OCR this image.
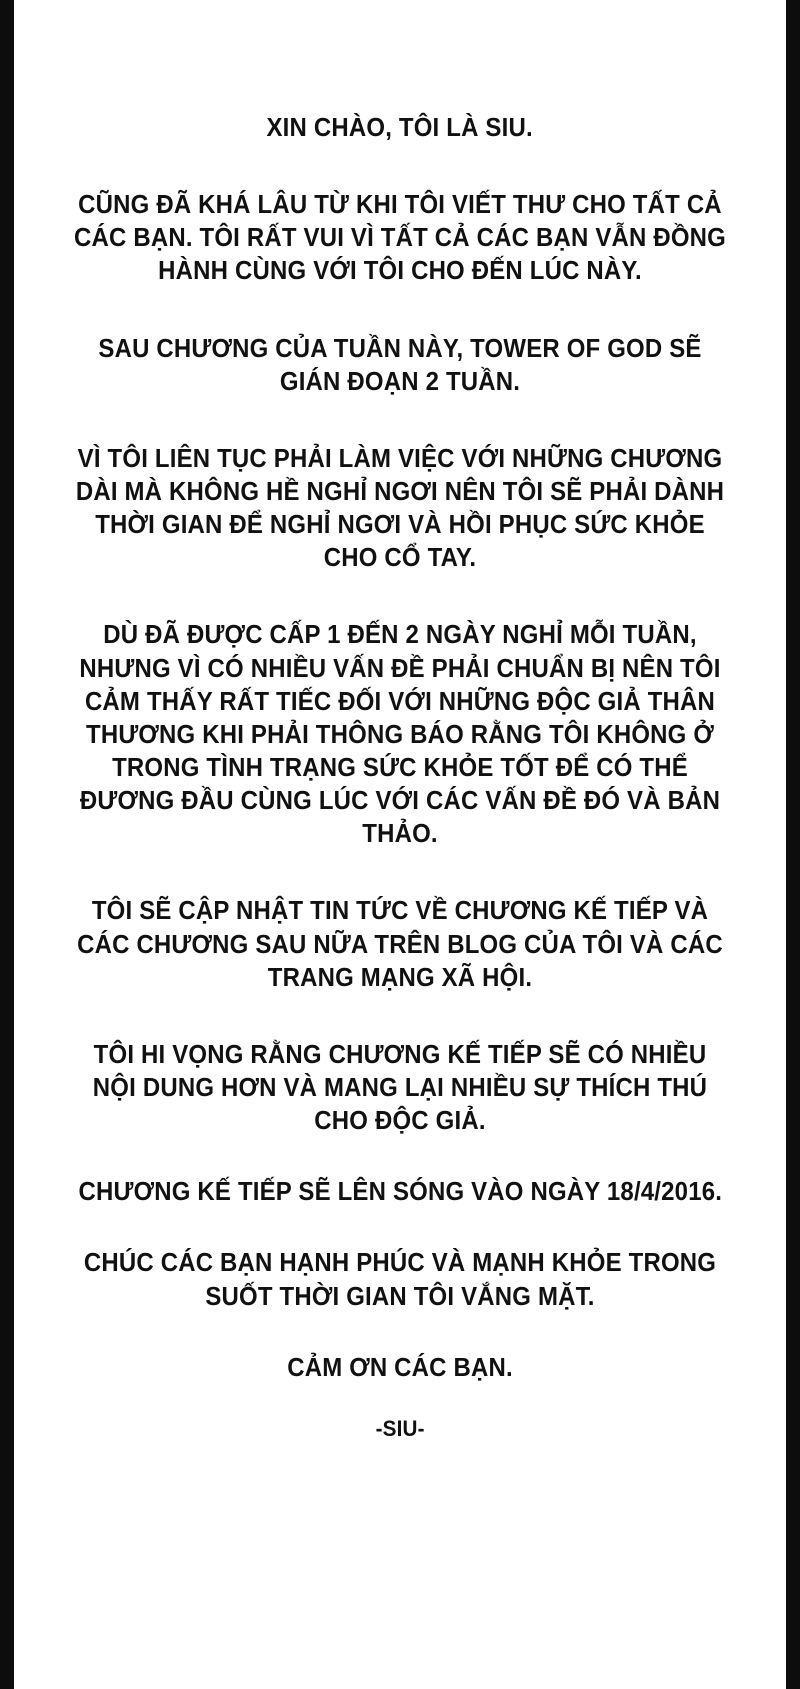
XIN CHÀO, TÔI LÀ SIU.

CŨNG ĐÃ KHÁ LÂU TỪ KHI TÔI VIẾT THƯ CHO TẤT CẢ CÁC BẠN. TÔI RẤT VUI VÌ TẤT CẢ CÁC BẠN VẪN ĐỒNG HÀNH CÙNG VỚI TÔI CHO ĐẾN LÚC NÀY.

SAU CHƯƠNG CỦA TUẦN NÀY, TOWER OF GOD SẼ GIÁN ĐOẠN 2 TUẦN.

VÌ TÔI LIÊN TỤC PHẢI LÀM VIỆC VỚI NHỮNG CHƯƠNG DÀI MÀ KHÔNG HỀ NGHỈ NGƠI NÊN TÔI SẼ PHẢI DÀNH THỜI GIAN ĐỂ NGHỈ NGƠI VÀ HỒI PHỤC SỨC KHỎE CHO CỔ TAY.

DÙ ĐÃ ĐƯỢC CẤP 1 ĐẾN 2 NGÀY NGHỈ MỖI TUẦN, NHƯNG VÌ CÓ NHIỀU VẤN ĐỀ PHẢI CHUẨN BỊ NÊN TÔI CẢM THẤY RẤT TIẾC ĐỐI VỚI NHỮNG ĐỘC GIẢ THÂN THƯƠNG KHI PHẢI THÔNG BÁO RẰNG TÔI KHÔNG Ở TRONG TÌNH TRẠNG SỨC KHỎE TỐT ĐỂ CÓ THỂ ĐƯƠNG ĐẦU CÙNG LÚC VỚI CÁC VẤN ĐỀ ĐÓ VÀ BẢN THẢO.

TÔI SẼ CẬP NHẬT TIN TỨC VỀ CHƯƠNG KẾ TIẾP VÀ CÁC CHƯƠNG SAU NỮA TRÊN BLOG CỦA TÔI VÀ CÁC TRANG MẠNG XÃ HỘI.

TÔI HI VỌNG RẰNG CHƯƠNG KẾ TIẾP SẼ CÓ NHIỀU NỘI DUNG HƠN VÀ MANG LẠI NHIỀU SỰ THÍCH THÚ CHO ĐỘC GIẢ.

CHƯƠNG KẾ TIẾP SẼ LÊN SÓNG VÀO NGÀY 18/4/2016.

CHÚC CÁC BẠN HẠNH PHÚC VÀ MẠNH KHỎE TRONG SUỐT THỜI GIAN TÔI VẮNG MẶT.

CẢM ƠN CÁC BẠN.

-SIU-
